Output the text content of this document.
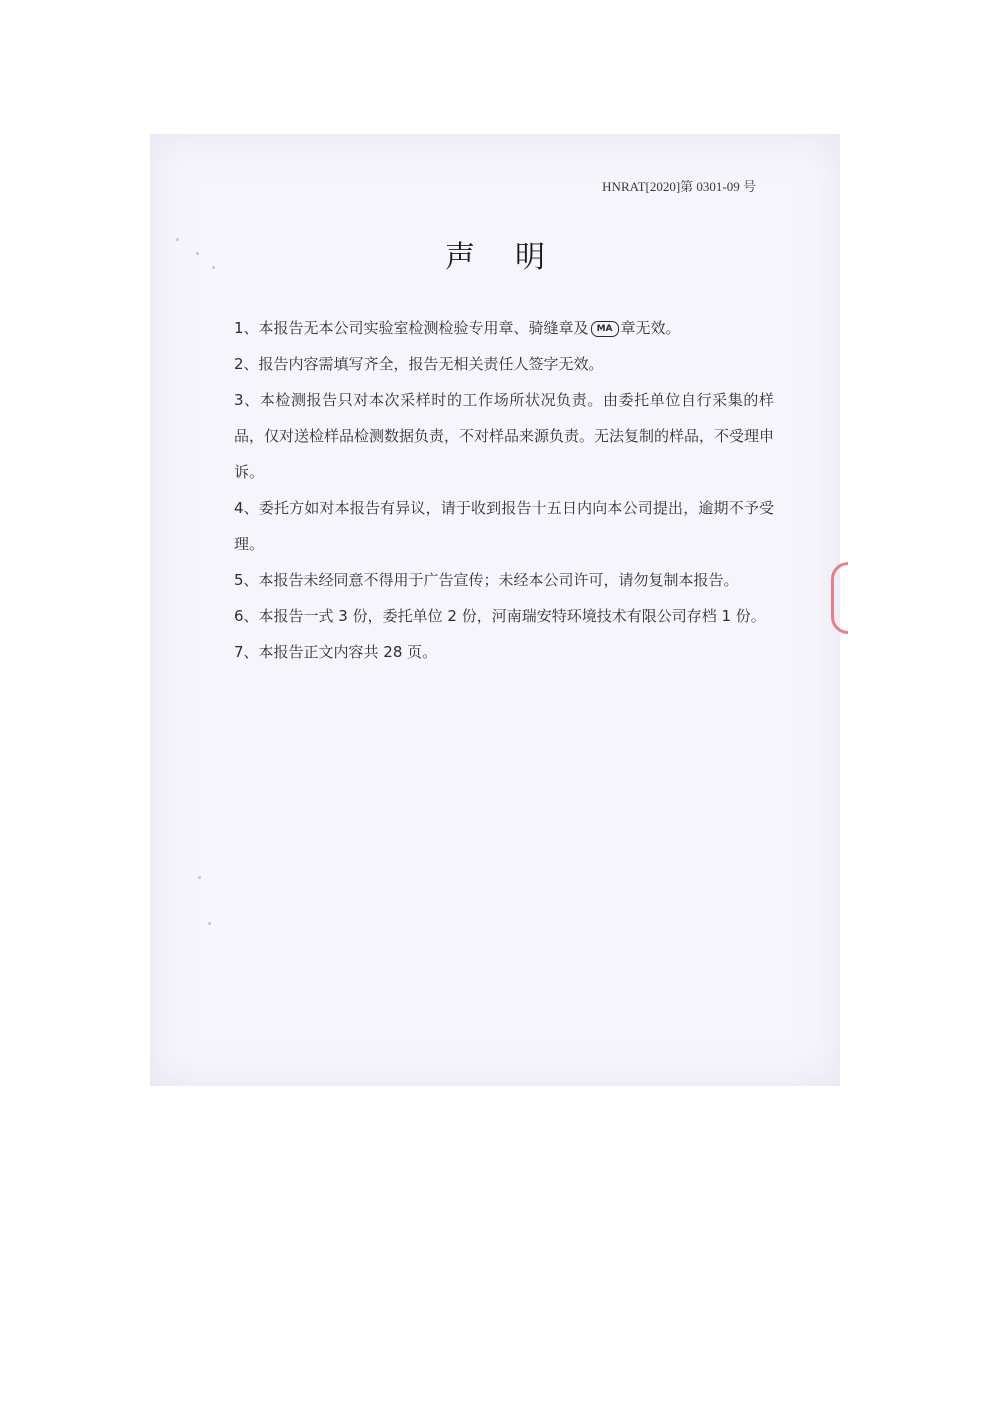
HNRAT[2020]第 0301-09 号
声明
1、本报告无本公司实验室检测检验专用章、骑缝章及 MA 章无效。
2、报告内容需填写齐全，报告无相关责任人签字无效。
3、本检测报告只对本次采样时的工作场所状况负责。由委托单位自行采集的样品，仅对送检样品检测数据负责，不对样品来源负责。无法复制的样品，不受理申诉。
4、委托方如对本报告有异议，请于收到报告十五日内向本公司提出，逾期不予受理。
5、本报告未经同意不得用于广告宣传；未经本公司许可，请勿复制本报告。
6、本报告一式 3 份，委托单位 2 份，河南瑞安特环境技术有限公司存档 1 份。
7、本报告正文内容共 28 页。
